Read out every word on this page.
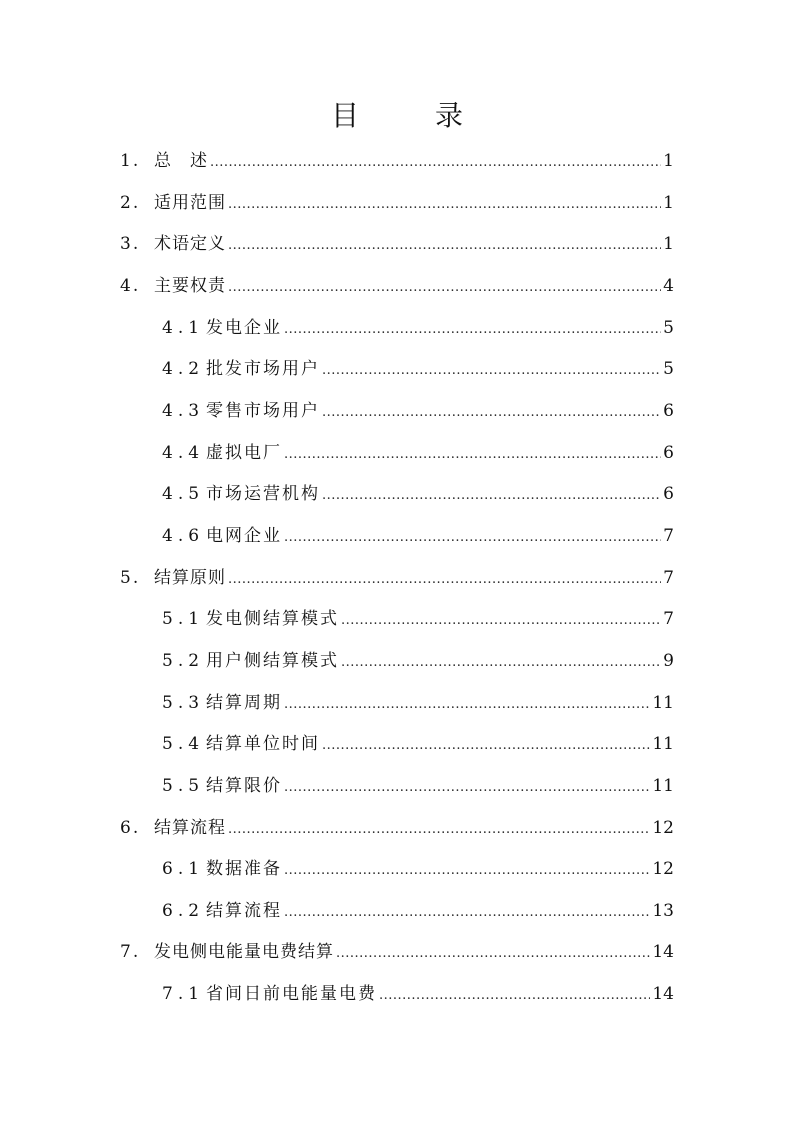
目　录
1. 总　述 .....	1
2. 适用范围 .....	1
3. 术语定义 .....	1
4. 主要权责 .....	4
4.1 发电企业 .....	5
4.2 批发市场用户 .....	5
4.3 零售市场用户 .....	6
4.4 虚拟电厂 .....	6
4.5 市场运营机构 .....	6
4.6 电网企业 .....	7
5. 结算原则 .....	7
5.1 发电侧结算模式 .....	7
5.2 用户侧结算模式 .....	9
5.3 结算周期 .....	11
5.4 结算单位时间 .....	11
5.5 结算限价 .....	11
6. 结算流程 .....	12
6.1 数据准备 .....	12
6.2 结算流程 .....	13
7. 发电侧电能量电费结算 .....	14
7.1 省间日前电能量电费 .....	14
